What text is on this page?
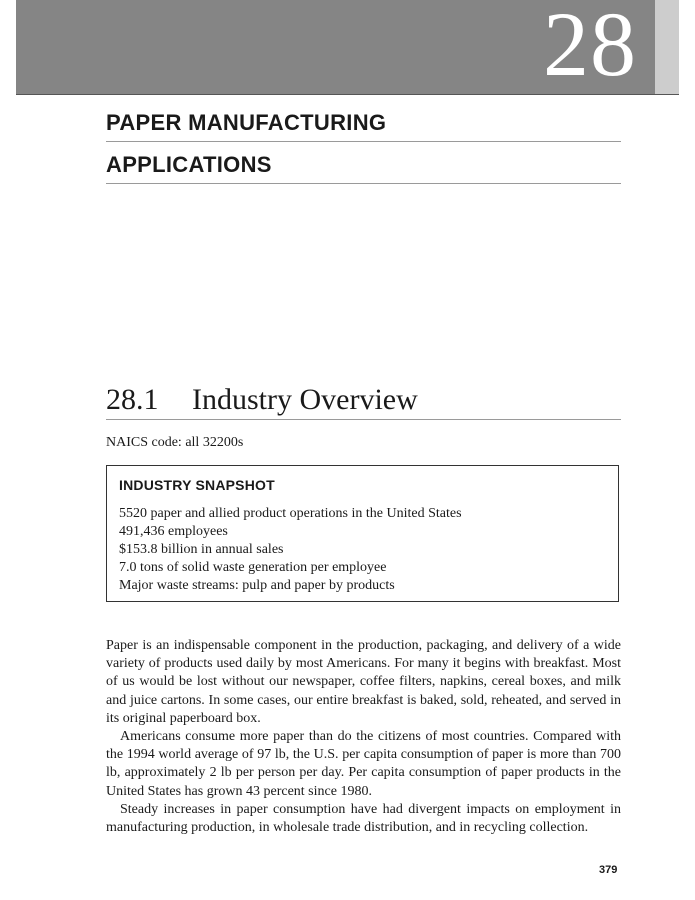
28
PAPER MANUFACTURING
APPLICATIONS
28.1 Industry Overview
NAICS code: all 32200s
INDUSTRY SNAPSHOT
5520 paper and allied product operations in the United States
491,436 employees
$153.8 billion in annual sales
7.0 tons of solid waste generation per employee
Major waste streams: pulp and paper by products

Paper is an indispensable component in the production, packaging, and delivery of a wide variety of products used daily by most Americans. For many it begins with breakfast. Most of us would be lost without our newspaper, coffee filters, napkins, cereal boxes, and milk and juice cartons. In some cases, our entire breakfast is baked, sold, reheated, and served in its original paperboard box.

Americans consume more paper than do the citizens of most countries. Compared with the 1994 world average of 97 lb, the U.S. per capita consumption of paper is more than 700 lb, approximately 2 lb per person per day. Per capita consumption of paper products in the United States has grown 43 percent since 1980.

Steady increases in paper consumption have had divergent impacts on employment in manufacturing production, in wholesale trade distribution, and in recycling collection.

379
